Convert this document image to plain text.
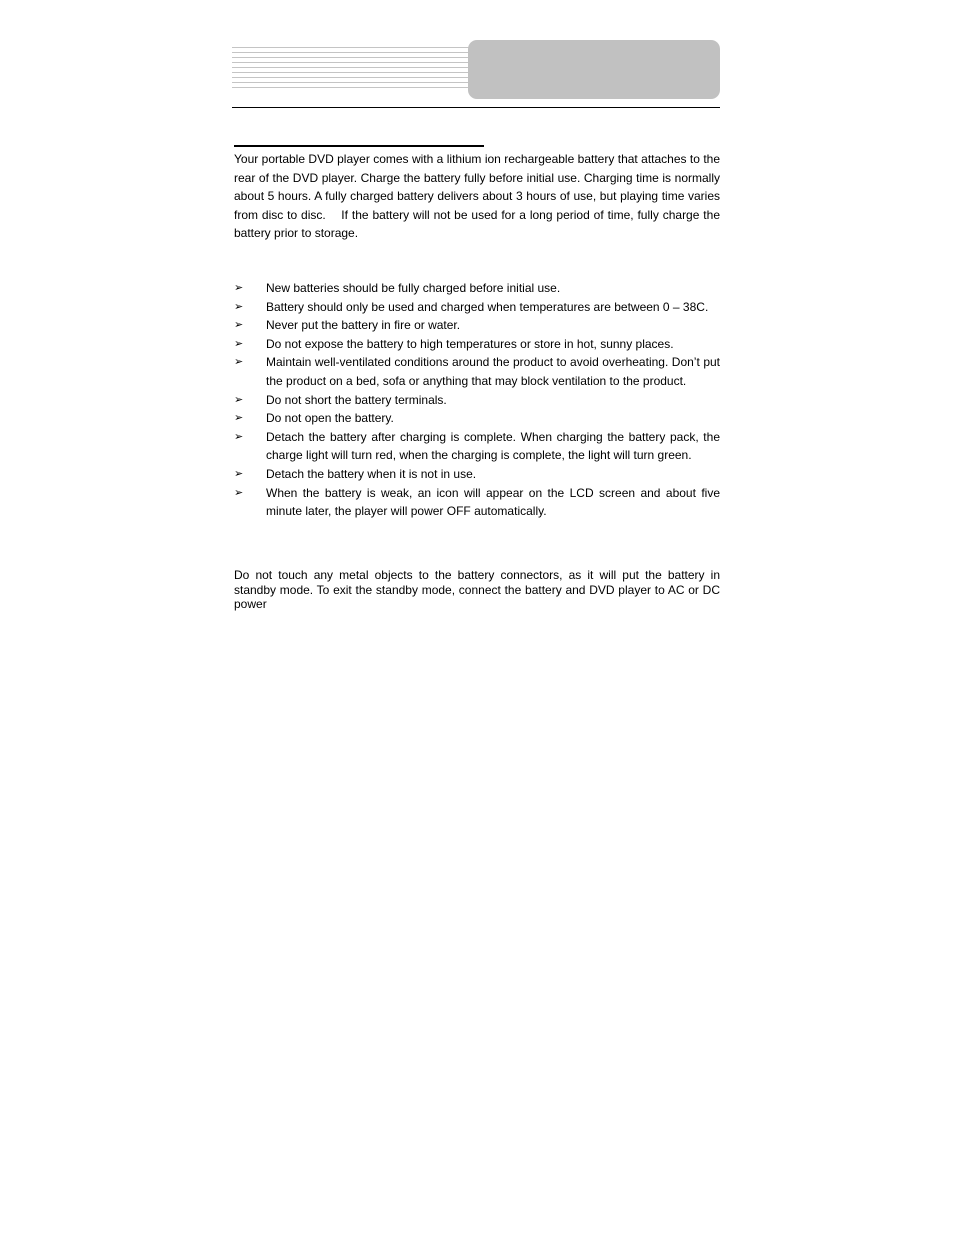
Your portable DVD player comes with a lithium ion rechargeable battery that attaches to the rear of the DVD player. Charge the battery fully before initial use. Charging time is normally about 5 hours. A fully charged battery delivers about 3 hours of use, but playing time varies from disc to disc.    If the battery will not be used for a long period of time, fully charge the battery prior to storage.

➢ New batteries should be fully charged before initial use.
➢ Battery should only be used and charged when temperatures are between 0 – 38C.
➢ Never put the battery in fire or water.
➢ Do not expose the battery to high temperatures or store in hot, sunny places.
➢ Maintain well-ventilated conditions around the product to avoid overheating. Don’t put the product on a bed, sofa or anything that may block ventilation to the product.
➢ Do not short the battery terminals.
➢ Do not open the battery.
➢ Detach the battery after charging is complete. When charging the battery pack, the charge light will turn red, when the charging is complete, the light will turn green.
➢ Detach the battery when it is not in use.
➢ When the battery is weak, an icon will appear on the LCD screen and about five minute later, the player will power OFF automatically.

Do not touch any metal objects to the battery connectors, as it will put the battery in standby mode. To exit the standby mode, connect the battery and DVD player to AC or DC power
